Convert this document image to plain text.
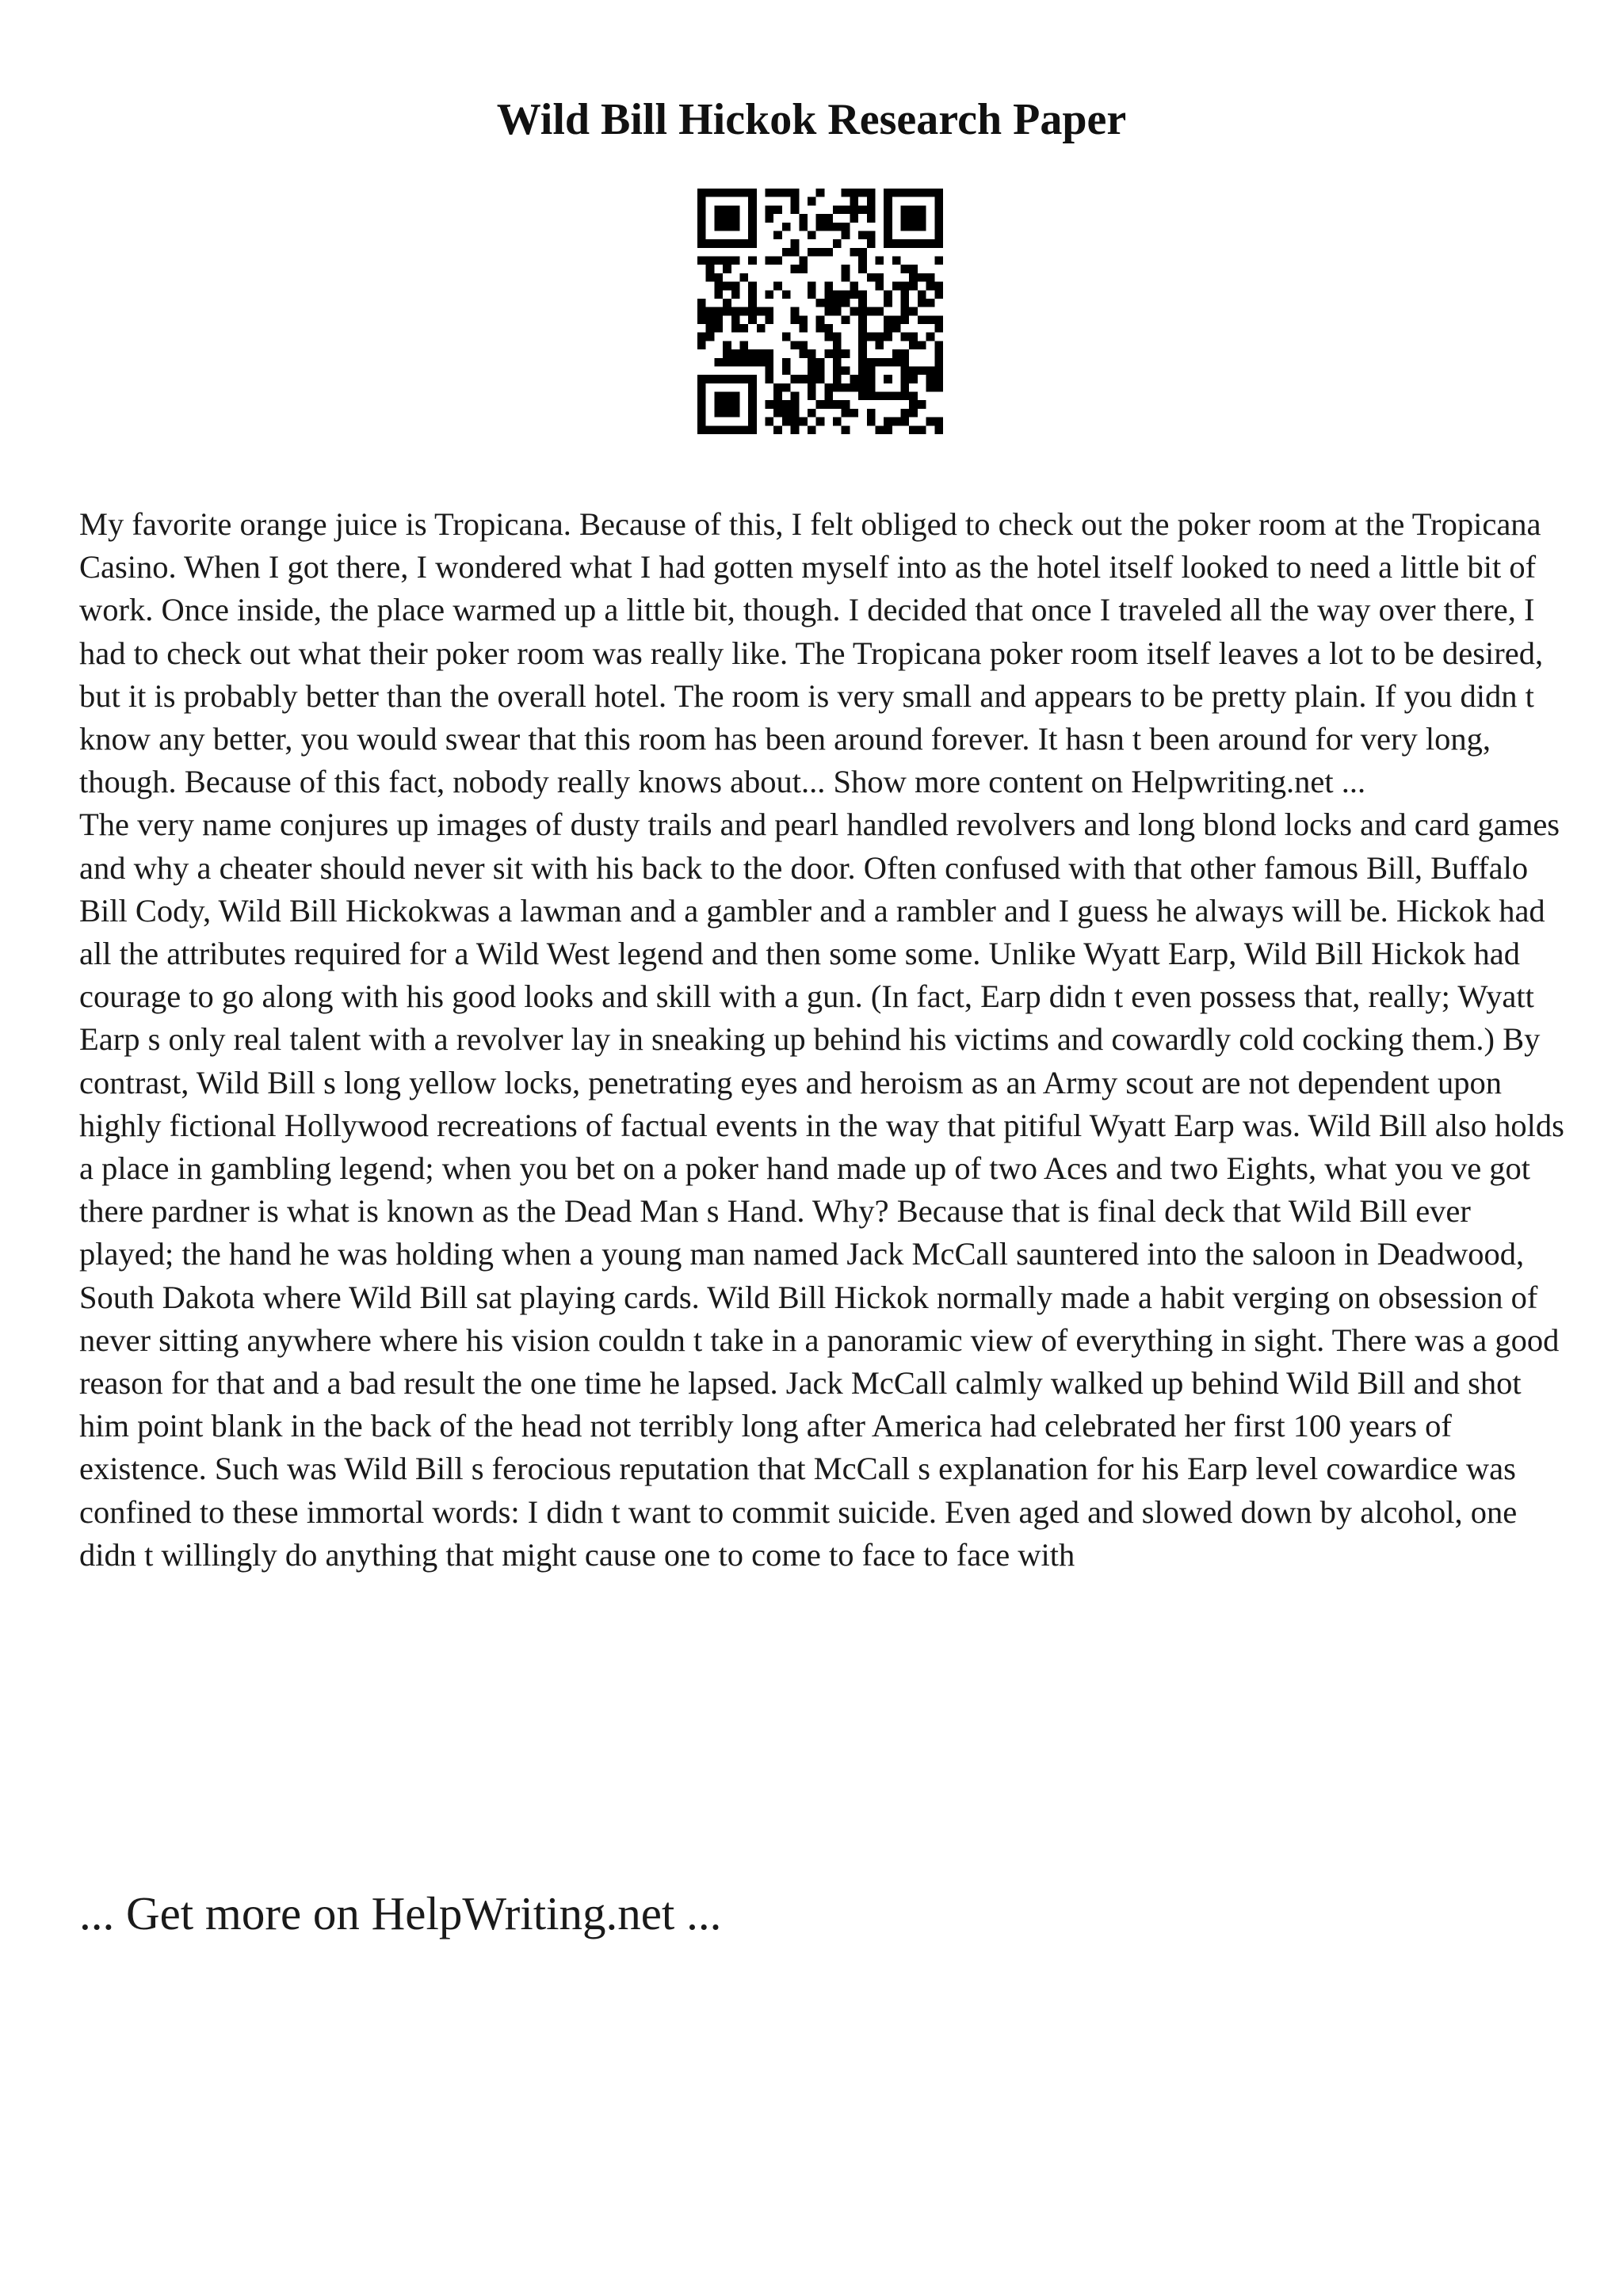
Wild Bill Hickok Research Paper

My favorite orange juice is Tropicana. Because of this, I felt obliged to check out the poker room at the Tropicana Casino. When I got there, I wondered what I had gotten myself into as the hotel itself looked to need a little bit of work. Once inside, the place warmed up a little bit, though. I decided that once I traveled all the way over there, I had to check out what their poker room was really like. The Tropicana poker room itself leaves a lot to be desired, but it is probably better than the overall hotel. The room is very small and appears to be pretty plain. If you didn t know any better, you would swear that this room has been around forever. It hasn t been around for very long, though. Because of this fact, nobody really knows about... Show more content on Helpwriting.net ...

The very name conjures up images of dusty trails and pearl handled revolvers and long blond locks and card games and why a cheater should never sit with his back to the door. Often confused with that other famous Bill, Buffalo Bill Cody, Wild Bill Hickokwas a lawman and a gambler and a rambler and I guess he always will be. Hickok had all the attributes required for a Wild West legend and then some some. Unlike Wyatt Earp, Wild Bill Hickok had courage to go along with his good looks and skill with a gun. (In fact, Earp didn t even possess that, really; Wyatt Earp s only real talent with a revolver lay in sneaking up behind his victims and cowardly cold cocking them.) By contrast, Wild Bill s long yellow locks, penetrating eyes and heroism as an Army scout are not dependent upon highly fictional Hollywood recreations of factual events in the way that pitiful Wyatt Earp was. Wild Bill also holds a place in gambling legend; when you bet on a poker hand made up of two Aces and two Eights, what you ve got there pardner is what is known as the Dead Man s Hand. Why? Because that is final deck that Wild Bill ever played; the hand he was holding when a young man named Jack McCall sauntered into the saloon in Deadwood, South Dakota where Wild Bill sat playing cards. Wild Bill Hickok normally made a habit verging on obsession of never sitting anywhere where his vision couldn t take in a panoramic view of everything in sight. There was a good reason for that and a bad result the one time he lapsed. Jack McCall calmly walked up behind Wild Bill and shot him point blank in the back of the head not terribly long after America had celebrated her first 100 years of existence. Such was Wild Bill s ferocious reputation that McCall s explanation for his Earp level cowardice was confined to these immortal words: I didn t want to commit suicide. Even aged and slowed down by alcohol, one didn t willingly do anything that might cause one to come to face to face with

... Get more on HelpWriting.net ...
